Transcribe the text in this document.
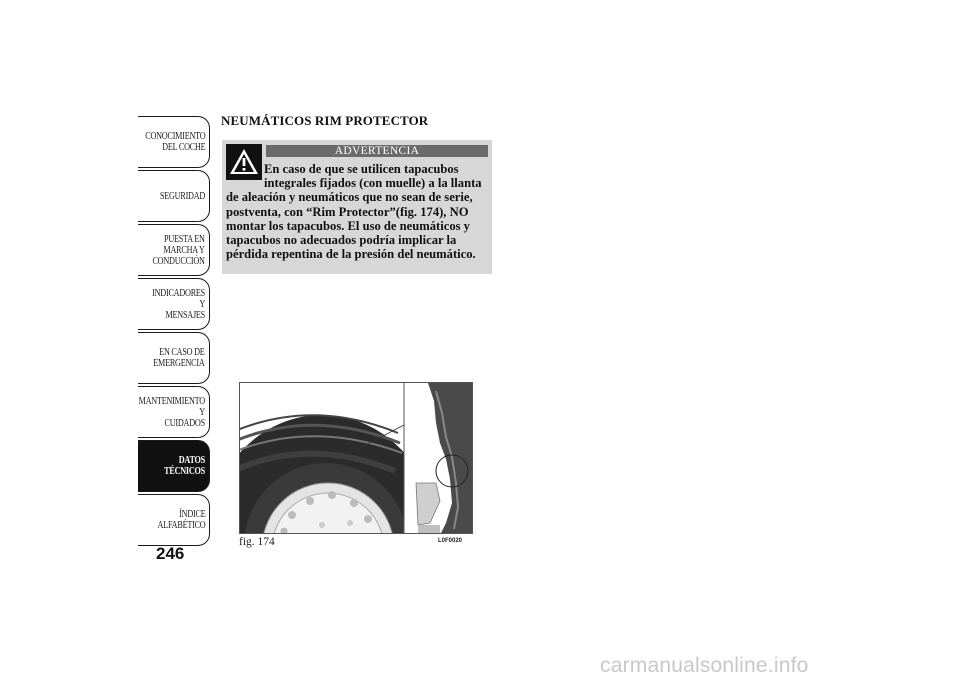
CONOCIMIENTO
DEL COCHE
SEGURIDAD
PUESTA EN
MARCHA Y
CONDUCCIÓN
INDICADORES Y
MENSAJES
EN CASO DE
EMERGENCIA
MANTENIMIENTO Y
CUIDADOS
DATOS TÉCNICOS
ÍNDICE
ALFABÉTICO
246
NEUMÁTICOS RIM PROTECTOR
ADVERTENCIA
En caso de que se utilicen tapacubos integrales fijados (con muelle) a la llanta de aleación y neumáticos que no sean de serie, postventa, con “Rim Protector”(fig. 174), NO montar los tapacubos. El uso de neumáticos y tapacubos no adecuados podría implicar la pérdida repentina de la presión del neumático.
fig. 174	L0F0020
carmanualsonline.info
